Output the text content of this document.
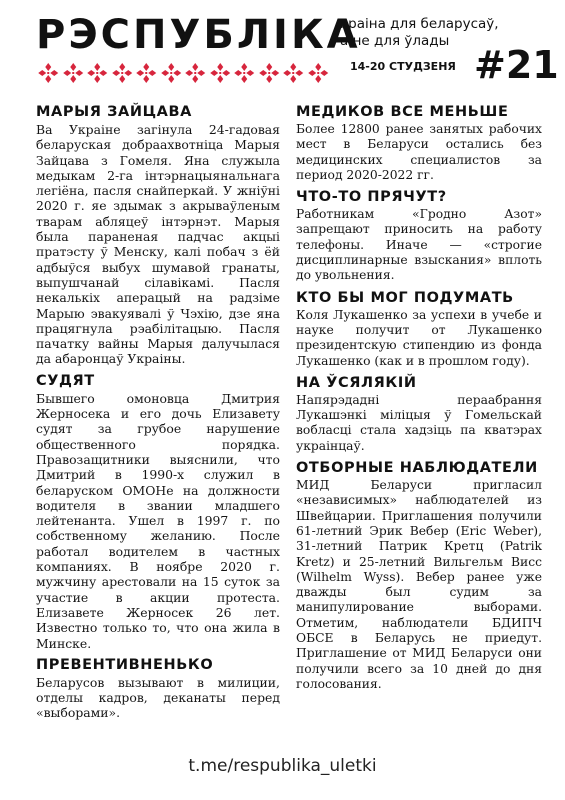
РЭСПУБЛІКА
краіна для беларусаў,
а не для ўлады
14-20 СТУДЗЕНЯ #21
МАРЫЯ ЗАЙЦАВА

Ва Украіне загінула 24-гадовая беларуская добраахвотніца Марыя Зайцава з Гомеля. Яна служыла медыкам 2-га інтэрнацыянальнага легіёна, пасля снайперкай. У жніўні 2020 г. яе здымак з акрываўленым тварам абляцеў інтэрнэт. Марыя была параненая падчас акцыі пратэсту ў Менску, калі побач з ёй адбыўся выбух шумавой гранаты, выпушчанай сілавікамі. Пасля некалькіх аперацый на радзіме Марыю эвакуявалі ў Чэхію, дзе яна працягнула рэабілітацыю. Пасля пачатку вайны Марыя далучылася да абаронцаў Украіны.

СУДЯТ

Бывшего омоновца Дмитрия Жерносека и его дочь Елизавету судят за грубое нарушение общественного порядка. Правозащитники выяснили, что Дмитрий в 1990-х служил в беларуском ОМОНе на должности водителя в звании младшего лейтенанта. Ушел в 1997 г. по собственному желанию. После работал водителем в частных компаниях. В ноябре 2020 г. мужчину арестовали на 15 суток за участие в акции протеста. Елизавете Жерносек 26 лет. Известно только то, что она жила в Минске.

ПРЕВЕНТИВНЕНЬКО

Беларусов вызывают в милиции, отделы кадров, деканаты перед «выборами».

МЕДИКОВ ВСЕ МЕНЬШЕ

Более 12800 ранее занятых рабочих мест в Беларуси остались без медицинских специалистов за период 2020-2022 гг.

ЧТО-ТО ПРЯЧУТ?

Работникам «Гродно Азот» запрещают приносить на работу телефоны. Иначе — «строгие дисциплинарные взыскания» вплоть до увольнения.

КТО БЫ МОГ ПОДУМАТЬ

Коля Лукашенко за успехи в учебе и науке получит от Лукашенко президентскую стипендию из фонда Лукашенко (как и в прошлом году).

НА ЎСЯЛЯКІЙ

Напярэдадні пераабрання Лукашэнкі міліцыя ў Гомельскай вобласці стала хадзіць па кватэрах украінцаў.

ОТБОРНЫЕ НАБЛЮДАТЕЛИ

МИД Беларуси пригласил «независимых» наблюдателей из Швейцарии. Приглашения получили 61-летний Эрик Вебер (Eric Weber), 31-летний Патрик Кретц (Patrik Kretz) и 25-летний Вильгельм Висс (Wilhelm Wyss). Вебер ранее уже дважды был судим за манипулирование выборами. Отметим, наблюдатели БДИПЧ ОБСЕ в Беларусь не приедут. Приглашение от МИД Беларуси они получили всего за 10 дней до дня голосования.

t.me/respublika_uletki
